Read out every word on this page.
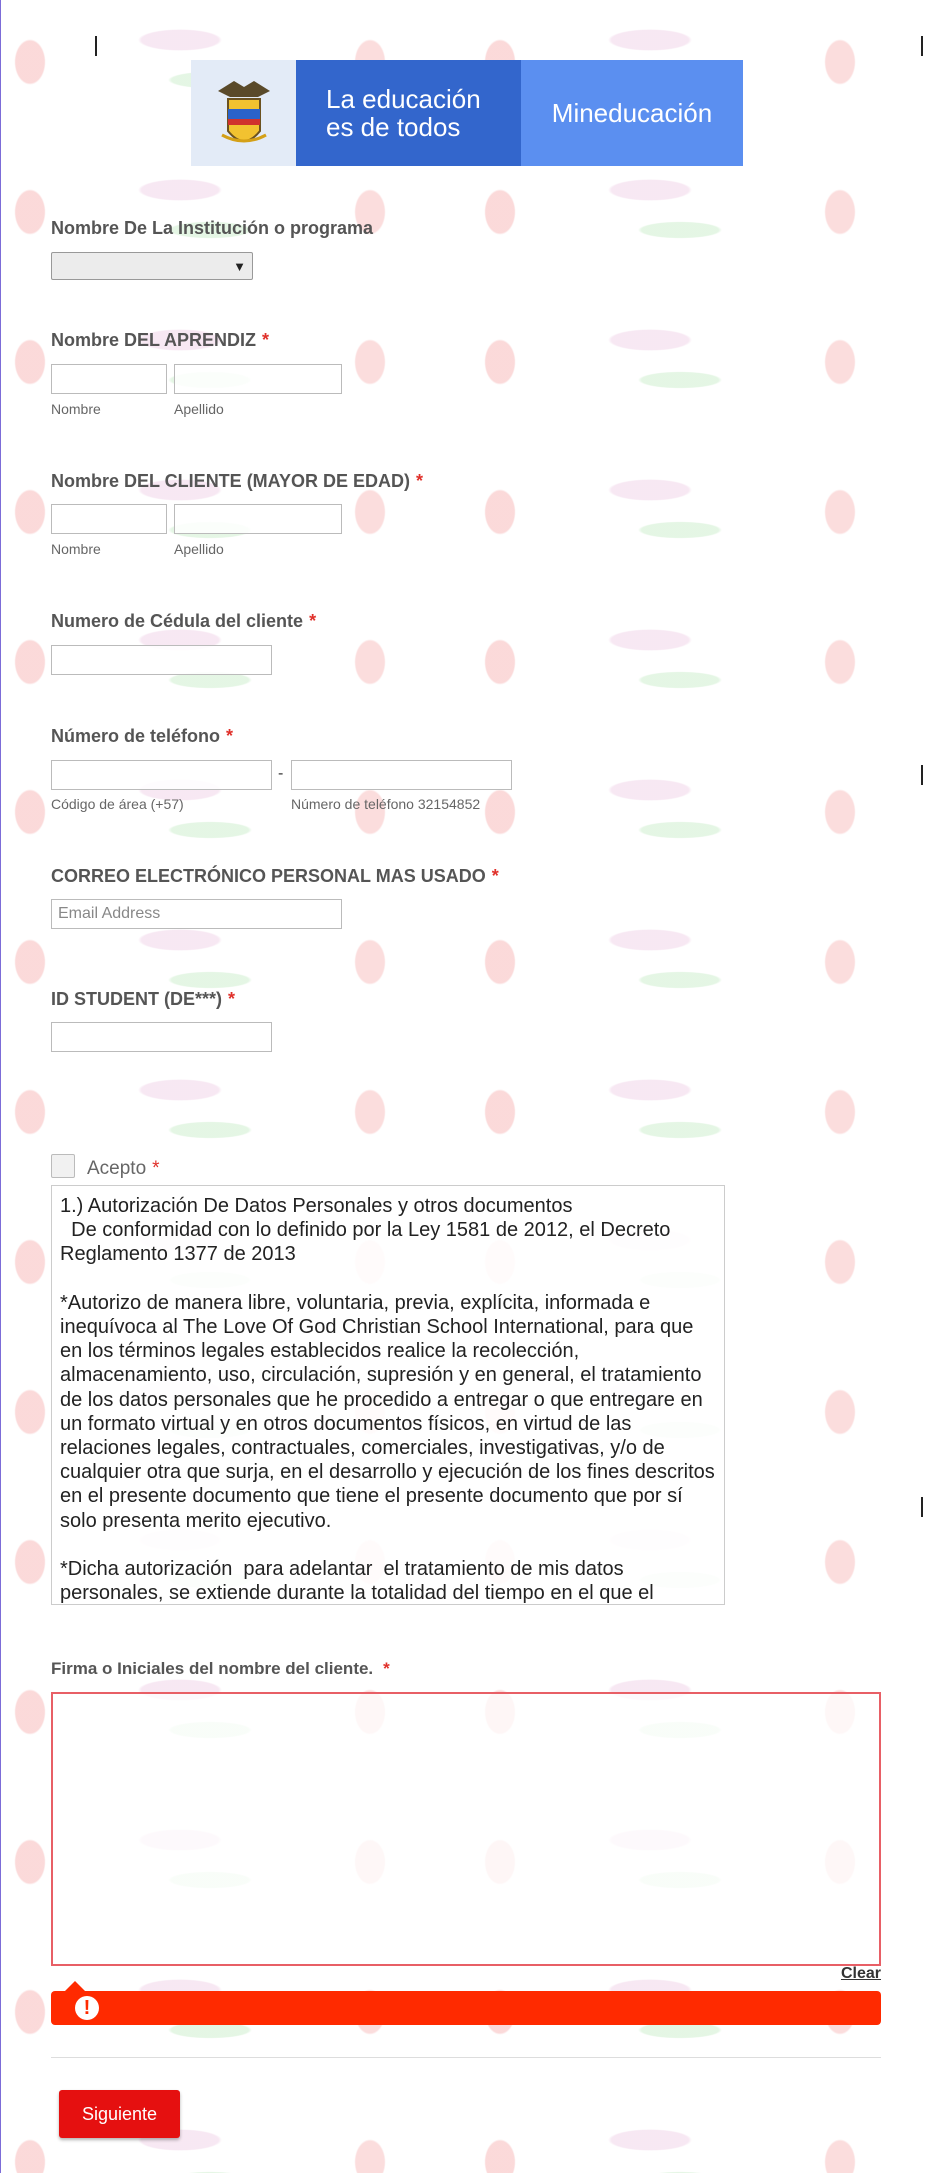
La educación
es de todos	Mineducación
Nombre De La Institución o programa
▼
Nombre DEL APRENDIZ *
Nombre	Apellido
Nombre DEL CLIENTE (MAYOR DE EDAD) *
Nombre	Apellido
Numero de Cédula del cliente *
Número de teléfono *
-
Código de área (+57)	Número de teléfono 32154852
CORREO ELECTRÓNICO PERSONAL MAS USADO *
Email Address
ID STUDENT (DE***) *
Acepto *
1.) Autorización De Datos Personales y otros documentos
De conformidad con lo definido por la Ley 1581 de 2012, el Decreto Reglamento 1377 de 2013

*Autorizo de manera libre, voluntaria, previa, explícita, informada e inequívoca al The Love Of God Christian School International, para que en los términos legales establecidos realice la recolección, almacenamiento, uso, circulación, supresión y en general, el tratamiento de los datos personales que he procedido a entregar o que entregare en un formato virtual y en otros documentos físicos, en virtud de las relaciones legales, contractuales, comerciales, investigativas, y/o de cualquier otra que surja, en el desarrollo y ejecución de los fines descritos en el presente documento que tiene el presente documento que por sí solo presenta merito ejecutivo.

*Dicha autorización  para adelantar  el tratamiento de mis datos personales, se extiende durante la totalidad del tiempo en el que el
Firma o Iniciales del nombre del cliente. *
Clear
!
Siguiente
